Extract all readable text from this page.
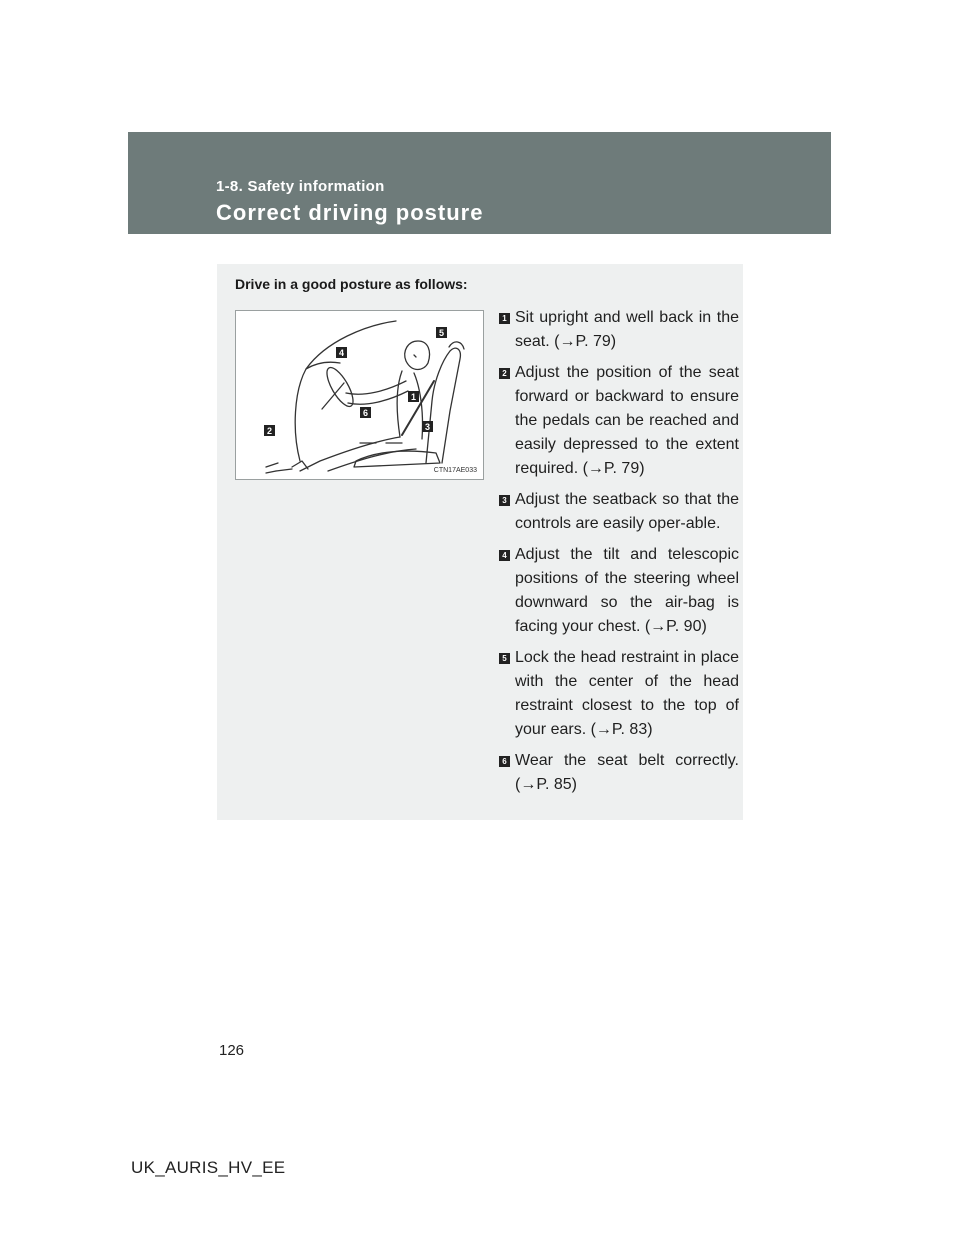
1-8. Safety information
Correct driving posture
Drive in a good posture as follows:
5
4
1
6
3
2
CTN17AE033
1 Sit upright and well back in the seat. (→P. 79)
2 Adjust the position of the seat forward or backward to ensure the pedals can be reached and easily depressed to the extent required. (→P. 79)
3 Adjust the seatback so that the controls are easily oper-able.
4 Adjust the tilt and telescopic positions of the steering wheel downward so the air-bag is facing your chest. (→P. 90)
5 Lock the head restraint in place with the center of the head restraint closest to the top of your ears. (→P. 83)
6 Wear the seat belt correctly. (→P. 85)
126
UK_AURIS_HV_EE
